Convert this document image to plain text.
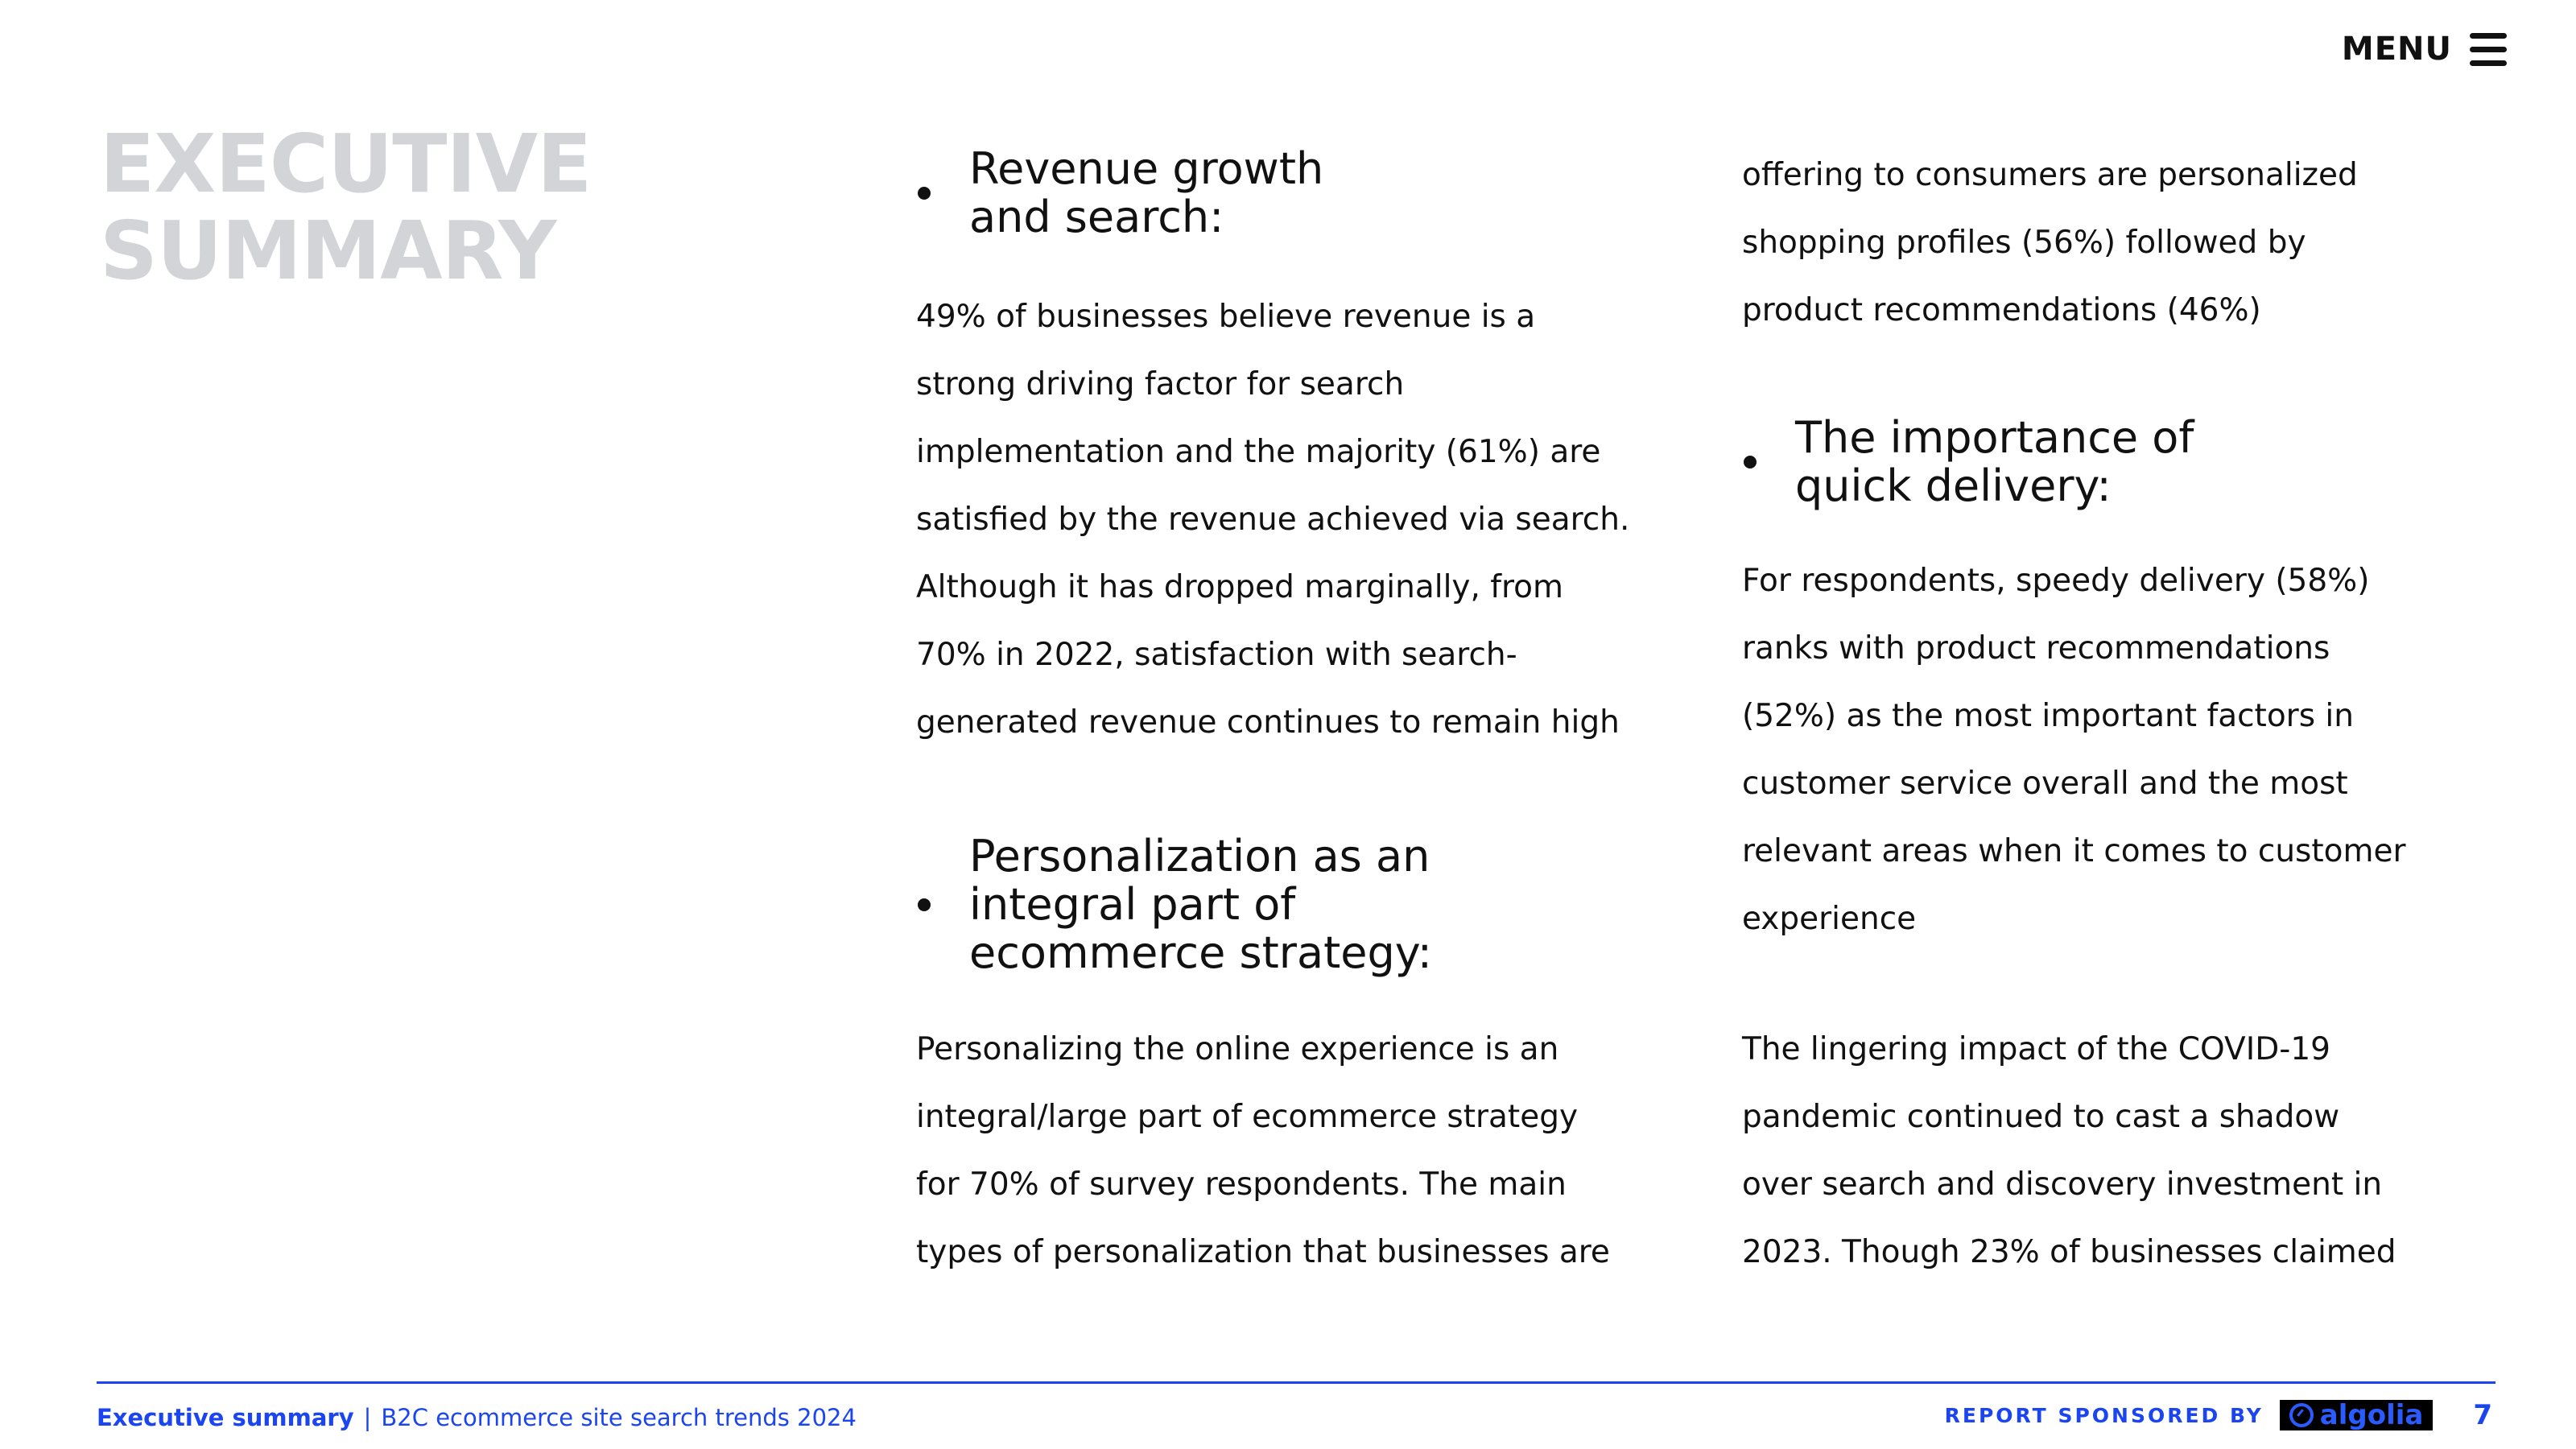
MENU
EXECUTIVE
SUMMARY
Revenue growth
and search:

49% of businesses believe revenue is a
strong driving factor for search
implementation and the majority (61%) are
satisfied by the revenue achieved via search.
Although it has dropped marginally, from
70% in 2022, satisfaction with search-
generated revenue continues to remain high

Personalization as an
integral part of
ecommerce strategy:

Personalizing the online experience is an
integral/large part of ecommerce strategy
for 70% of survey respondents. The main
types of personalization that businesses are

offering to consumers are personalized
shopping profiles (56%) followed by
product recommendations (46%)

The importance of
quick delivery:

For respondents, speedy delivery (58%)
ranks with product recommendations
(52%) as the most important factors in
customer service overall and the most
relevant areas when it comes to customer
experience

The lingering impact of the COVID-19
pandemic continued to cast a shadow
over search and discovery investment in
2023. Though 23% of businesses claimed

Executive summary | B2C ecommerce site search trends 2024	REPORT SPONSORED BY algolia 7
